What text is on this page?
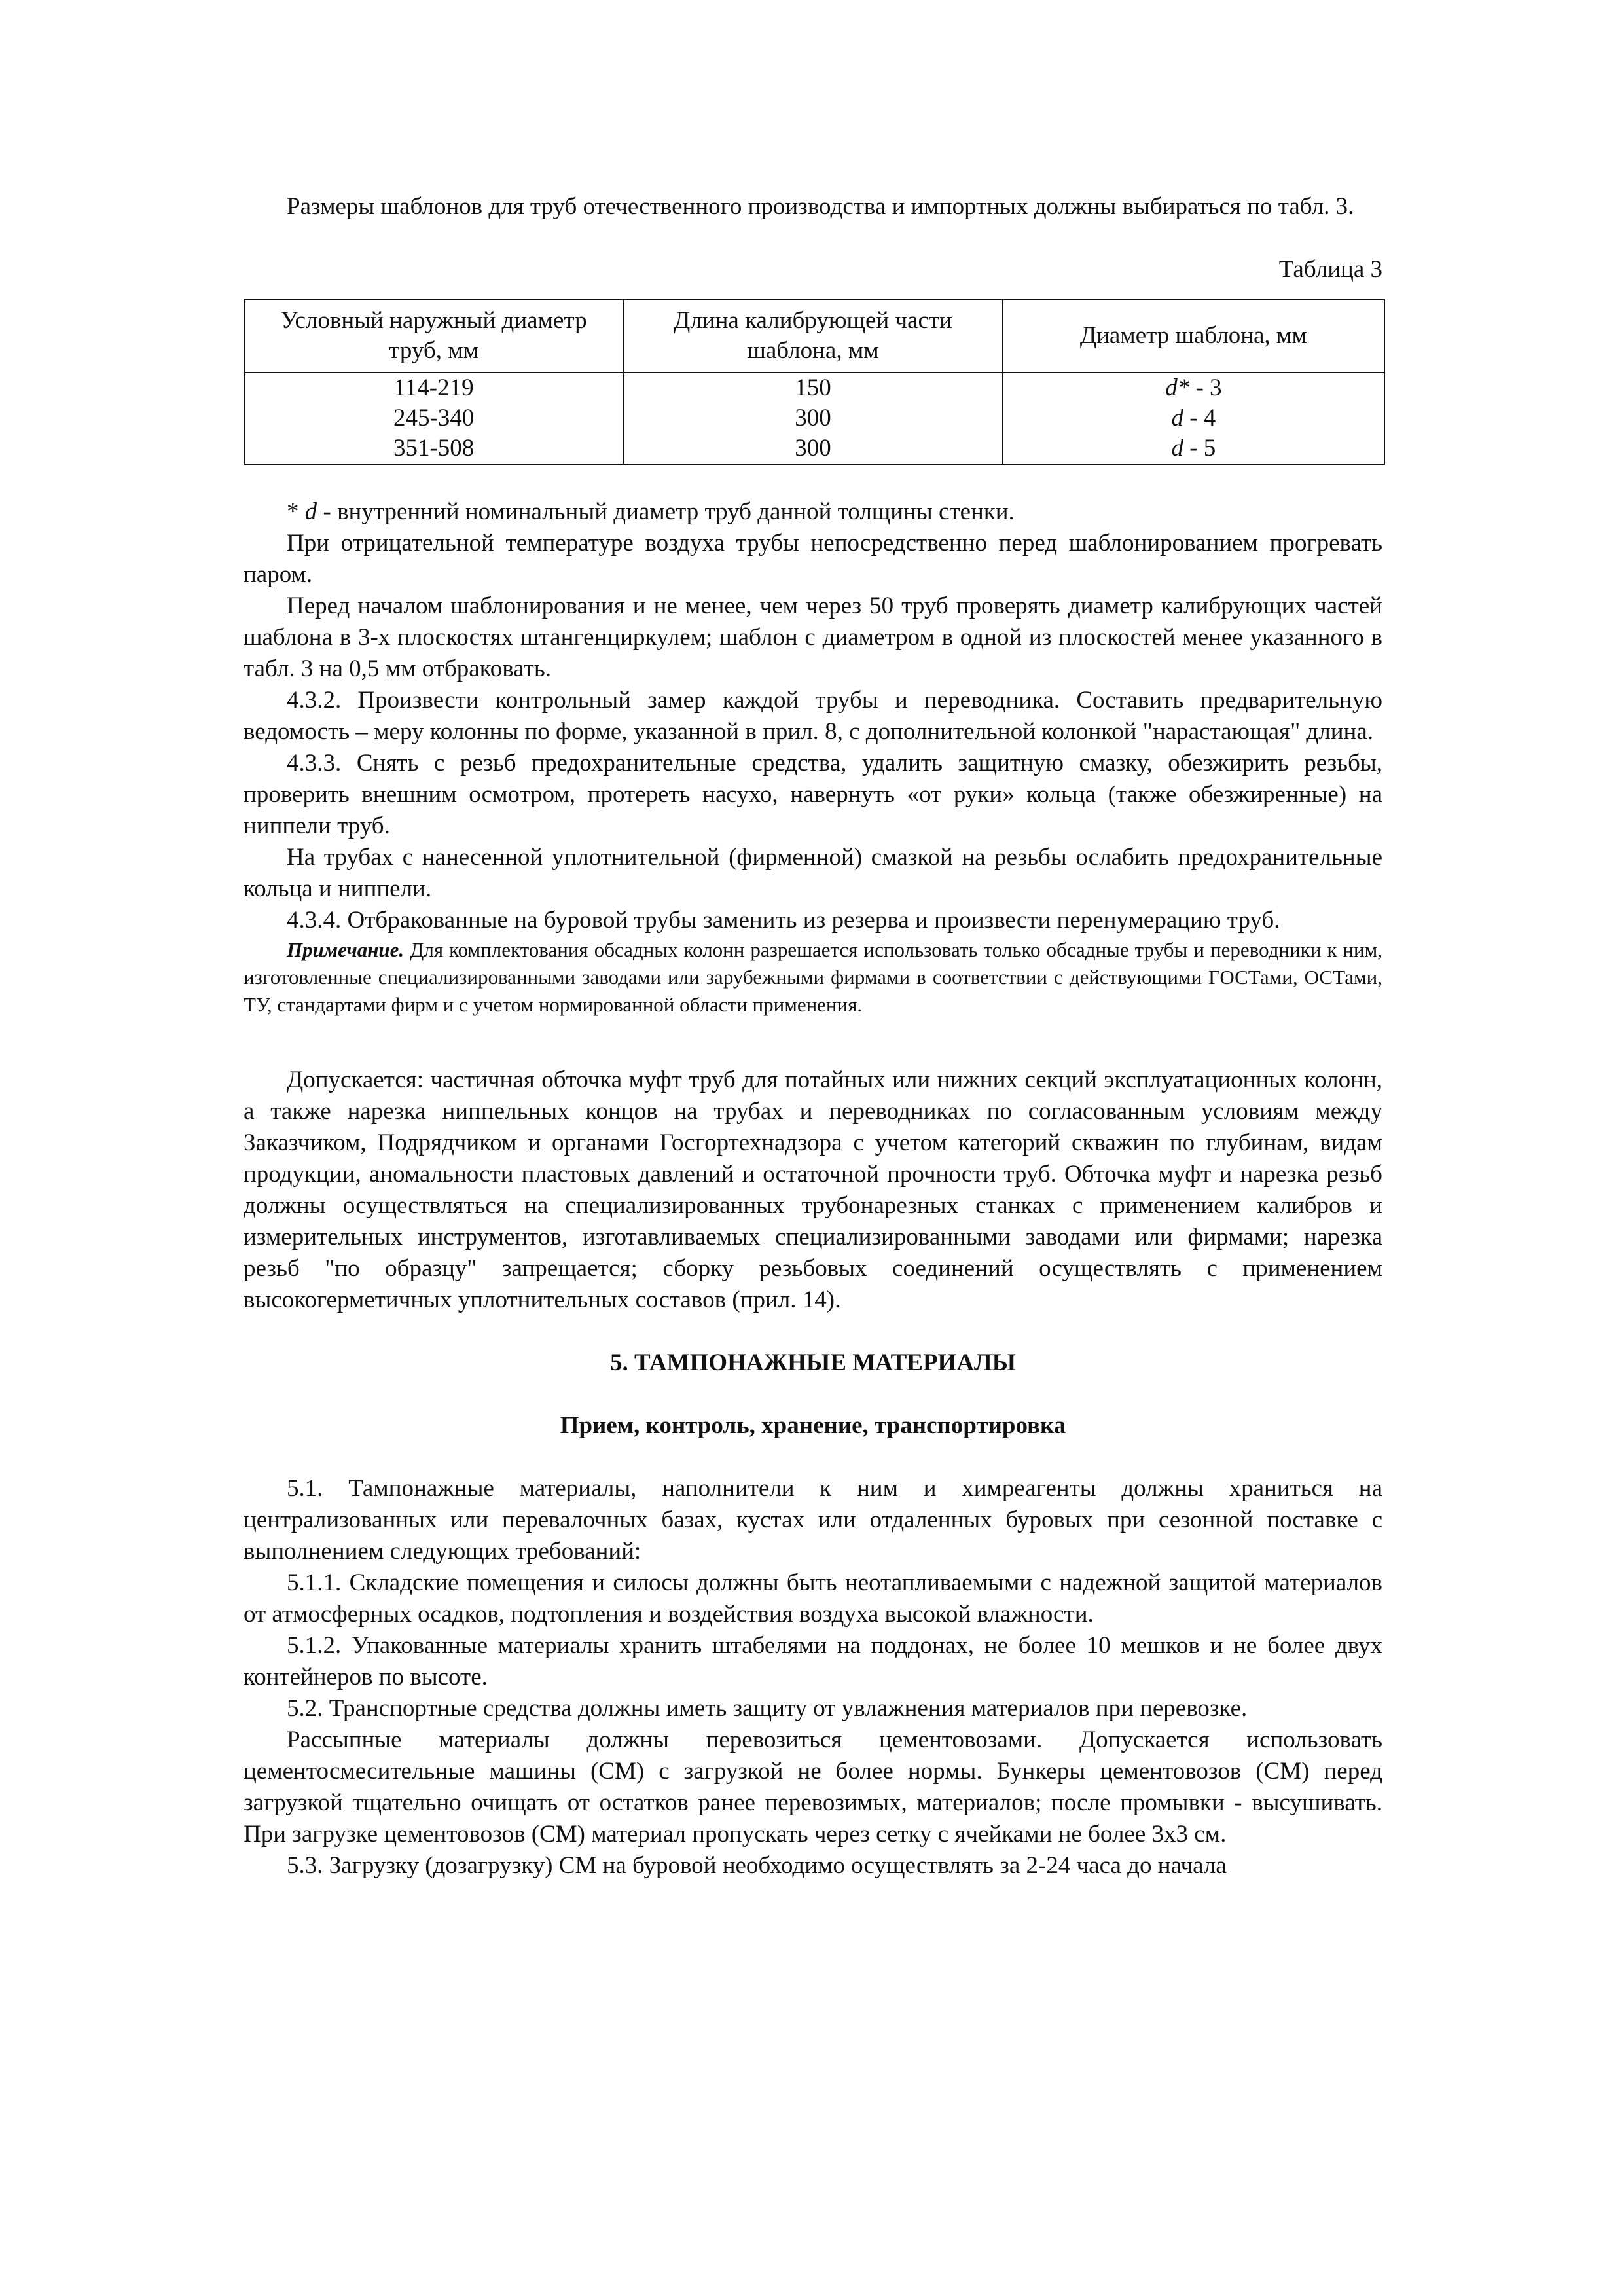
Размеры шаблонов для труб отечественного производства и импортных должны выбираться по табл. 3.

Таблица 3

Условный наружный диаметр труб, мм	Длина калибрующей части шаблона, мм	Диаметр шаблона, мм
114-219	150	d* - 3
245-340	300	d - 4
351-508	300	d - 5

* d - внутренний номинальный диаметр труб данной толщины стенки.

При отрицательной температуре воздуха трубы непосредственно перед шаблонированием прогревать паром.

Перед началом шаблонирования и не менее, чем через 50 труб проверять диаметр калибрующих частей шаблона в 3-х плоскостях штангенциркулем; шаблон с диаметром в одной из плоскостей менее указанного в табл. 3 на 0,5 мм отбраковать.

4.3.2. Произвести контрольный замер каждой трубы и переводника. Составить предварительную ведомость – меру колонны по форме, указанной в прил. 8, с дополнительной колонкой "нарастающая" длина.

4.3.3. Снять с резьб предохранительные средства, удалить защитную смазку, обезжирить резьбы, проверить внешним осмотром, протереть насухо, навернуть «от руки» кольца (также обезжиренные) на ниппели труб.

На трубах с нанесенной уплотнительной (фирменной) смазкой на резьбы ослабить предохранительные кольца и ниппели.

4.3.4. Отбракованные на буровой трубы заменить из резерва и произвести перенумерацию труб.

Примечание. Для комплектования обсадных колонн разрешается использовать только обсадные трубы и переводники к ним, изготовленные специализированными заводами или зарубежными фирмами в соответствии с действующими ГОСТами, ОСТами, ТУ, стандартами фирм и с учетом нормированной области применения.

Допускается: частичная обточка муфт труб для потайных или нижних секций эксплуатационных колонн, а также нарезка ниппельных концов на трубах и переводниках по согласованным условиям между Заказчиком, Подрядчиком и органами Госгортехнадзора с учетом категорий скважин по глубинам, видам продукции, аномальности пластовых давлений и остаточной прочности труб. Обточка муфт и нарезка резьб должны осуществляться на специализированных трубонарезных станках с применением калибров и измерительных инструментов, изготавливаемых специализированными заводами или фирмами; нарезка резьб "по образцу" запрещается; сборку резьбовых соединений осуществлять с применением высокогерметичных уплотнительных составов (прил. 14).

5. ТАМПОНАЖНЫЕ МАТЕРИАЛЫ

Прием, контроль, хранение, транспортировка

5.1. Тампонажные материалы, наполнители к ним и химреагенты должны храниться на централизованных или перевалочных базах, кустах или отдаленных буровых при сезонной поставке с выполнением следующих требований:

5.1.1. Складские помещения и силосы должны быть неотапливаемыми с надежной защитой материалов от атмосферных осадков, подтопления и воздействия воздуха высокой влажности.

5.1.2. Упакованные материалы хранить штабелями на поддонах, не более 10 мешков и не более двух контейнеров по высоте.

5.2. Транспортные средства должны иметь защиту от увлажнения материалов при перевозке.

Рассыпные материалы должны перевозиться цементовозами. Допускается использовать цементосмесительные машины (СМ) с загрузкой не более нормы. Бункеры цементовозов (СМ) перед загрузкой тщательно очищать от остатков ранее перевозимых, материалов; после промывки - высушивать. При загрузке цементовозов (СМ) материал пропускать через сетку с ячейками не более 3х3 см.

5.3. Загрузку (дозагрузку) СМ на буровой необходимо осуществлять за 2-24 часа до начала
